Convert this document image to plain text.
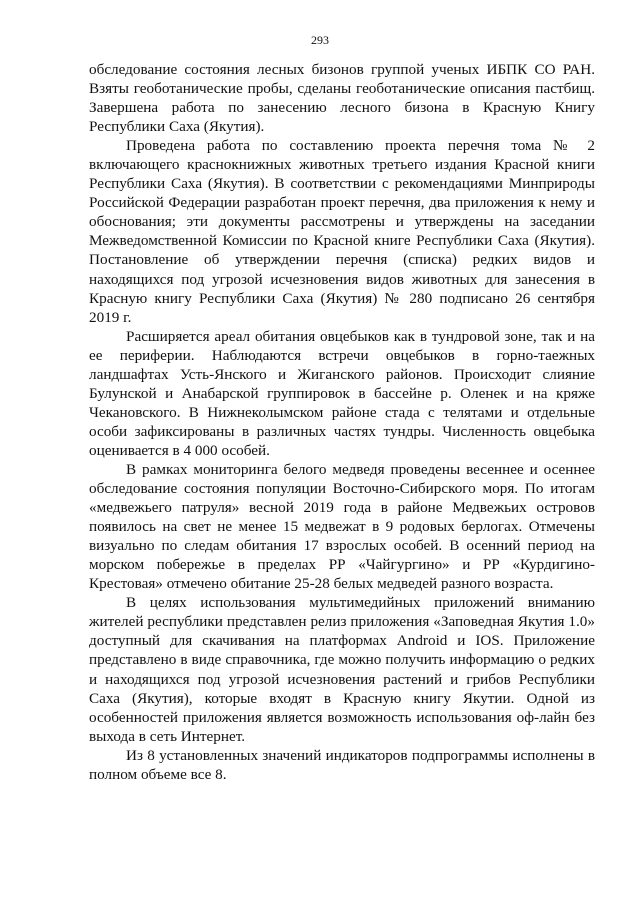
293

обследование состояния лесных бизонов группой ученых ИБПК СО РАН. Взяты геоботанические пробы, сделаны геоботанические описания пастбищ. Завершена работа по занесению лесного бизона в Красную Книгу Республики Саха (Якутия).

Проведена работа по составлению проекта перечня тома № 2 включающего краснокнижных животных третьего издания Красной книги Республики Саха (Якутия). В соответствии с рекомендациями Минприроды Российской Федерации разработан проект перечня, два приложения к нему и обоснования; эти документы рассмотрены и утверждены на заседании Межведомственной Комиссии по Красной книге Республики Саха (Якутия). Постановление об утверждении перечня (списка) редких видов и находящихся под угрозой исчезновения видов животных для занесения в Красную книгу Республики Саха (Якутия) № 280 подписано 26 сентября 2019 г.

Расширяется ареал обитания овцебыков как в тундровой зоне, так и на ее периферии. Наблюдаются встречи овцебыков в горно-таежных ландшафтах Усть-Янского и Жиганского районов. Происходит слияние Булунской и Анабарской группировок в бассейне р. Оленек и на кряже Чекановского. В Нижнеколымском районе стада с телятами и отдельные особи зафиксированы в различных частях тундры. Численность овцебыка оценивается в 4 000 особей.

В рамках мониторинга белого медведя проведены весеннее и осеннее обследование состояния популяции Восточно-Сибирского моря. По итогам «медвежьего патруля» весной 2019 года в районе Медвежьих островов появилось на свет не менее 15 медвежат в 9 родовых берлогах. Отмечены визуально по следам обитания 17 взрослых особей. В осенний период на морском побережье в пределах РР «Чайгургино» и РР «Курдигино-Крестовая» отмечено обитание 25-28 белых медведей разного возраста.

В целях использования мультимедийных приложений вниманию жителей республики представлен релиз приложения «Заповедная Якутия 1.0» доступный для скачивания на платформах Android и IOS. Приложение представлено в виде справочника, где можно получить информацию о редких и находящихся под угрозой исчезновения растений и грибов Республики Саха (Якутия), которые входят в Красную книгу Якутии. Одной из особенностей приложения является возможность использования оф-лайн без выхода в сеть Интернет.

Из 8 установленных значений индикаторов подпрограммы исполнены в полном объеме все 8.
